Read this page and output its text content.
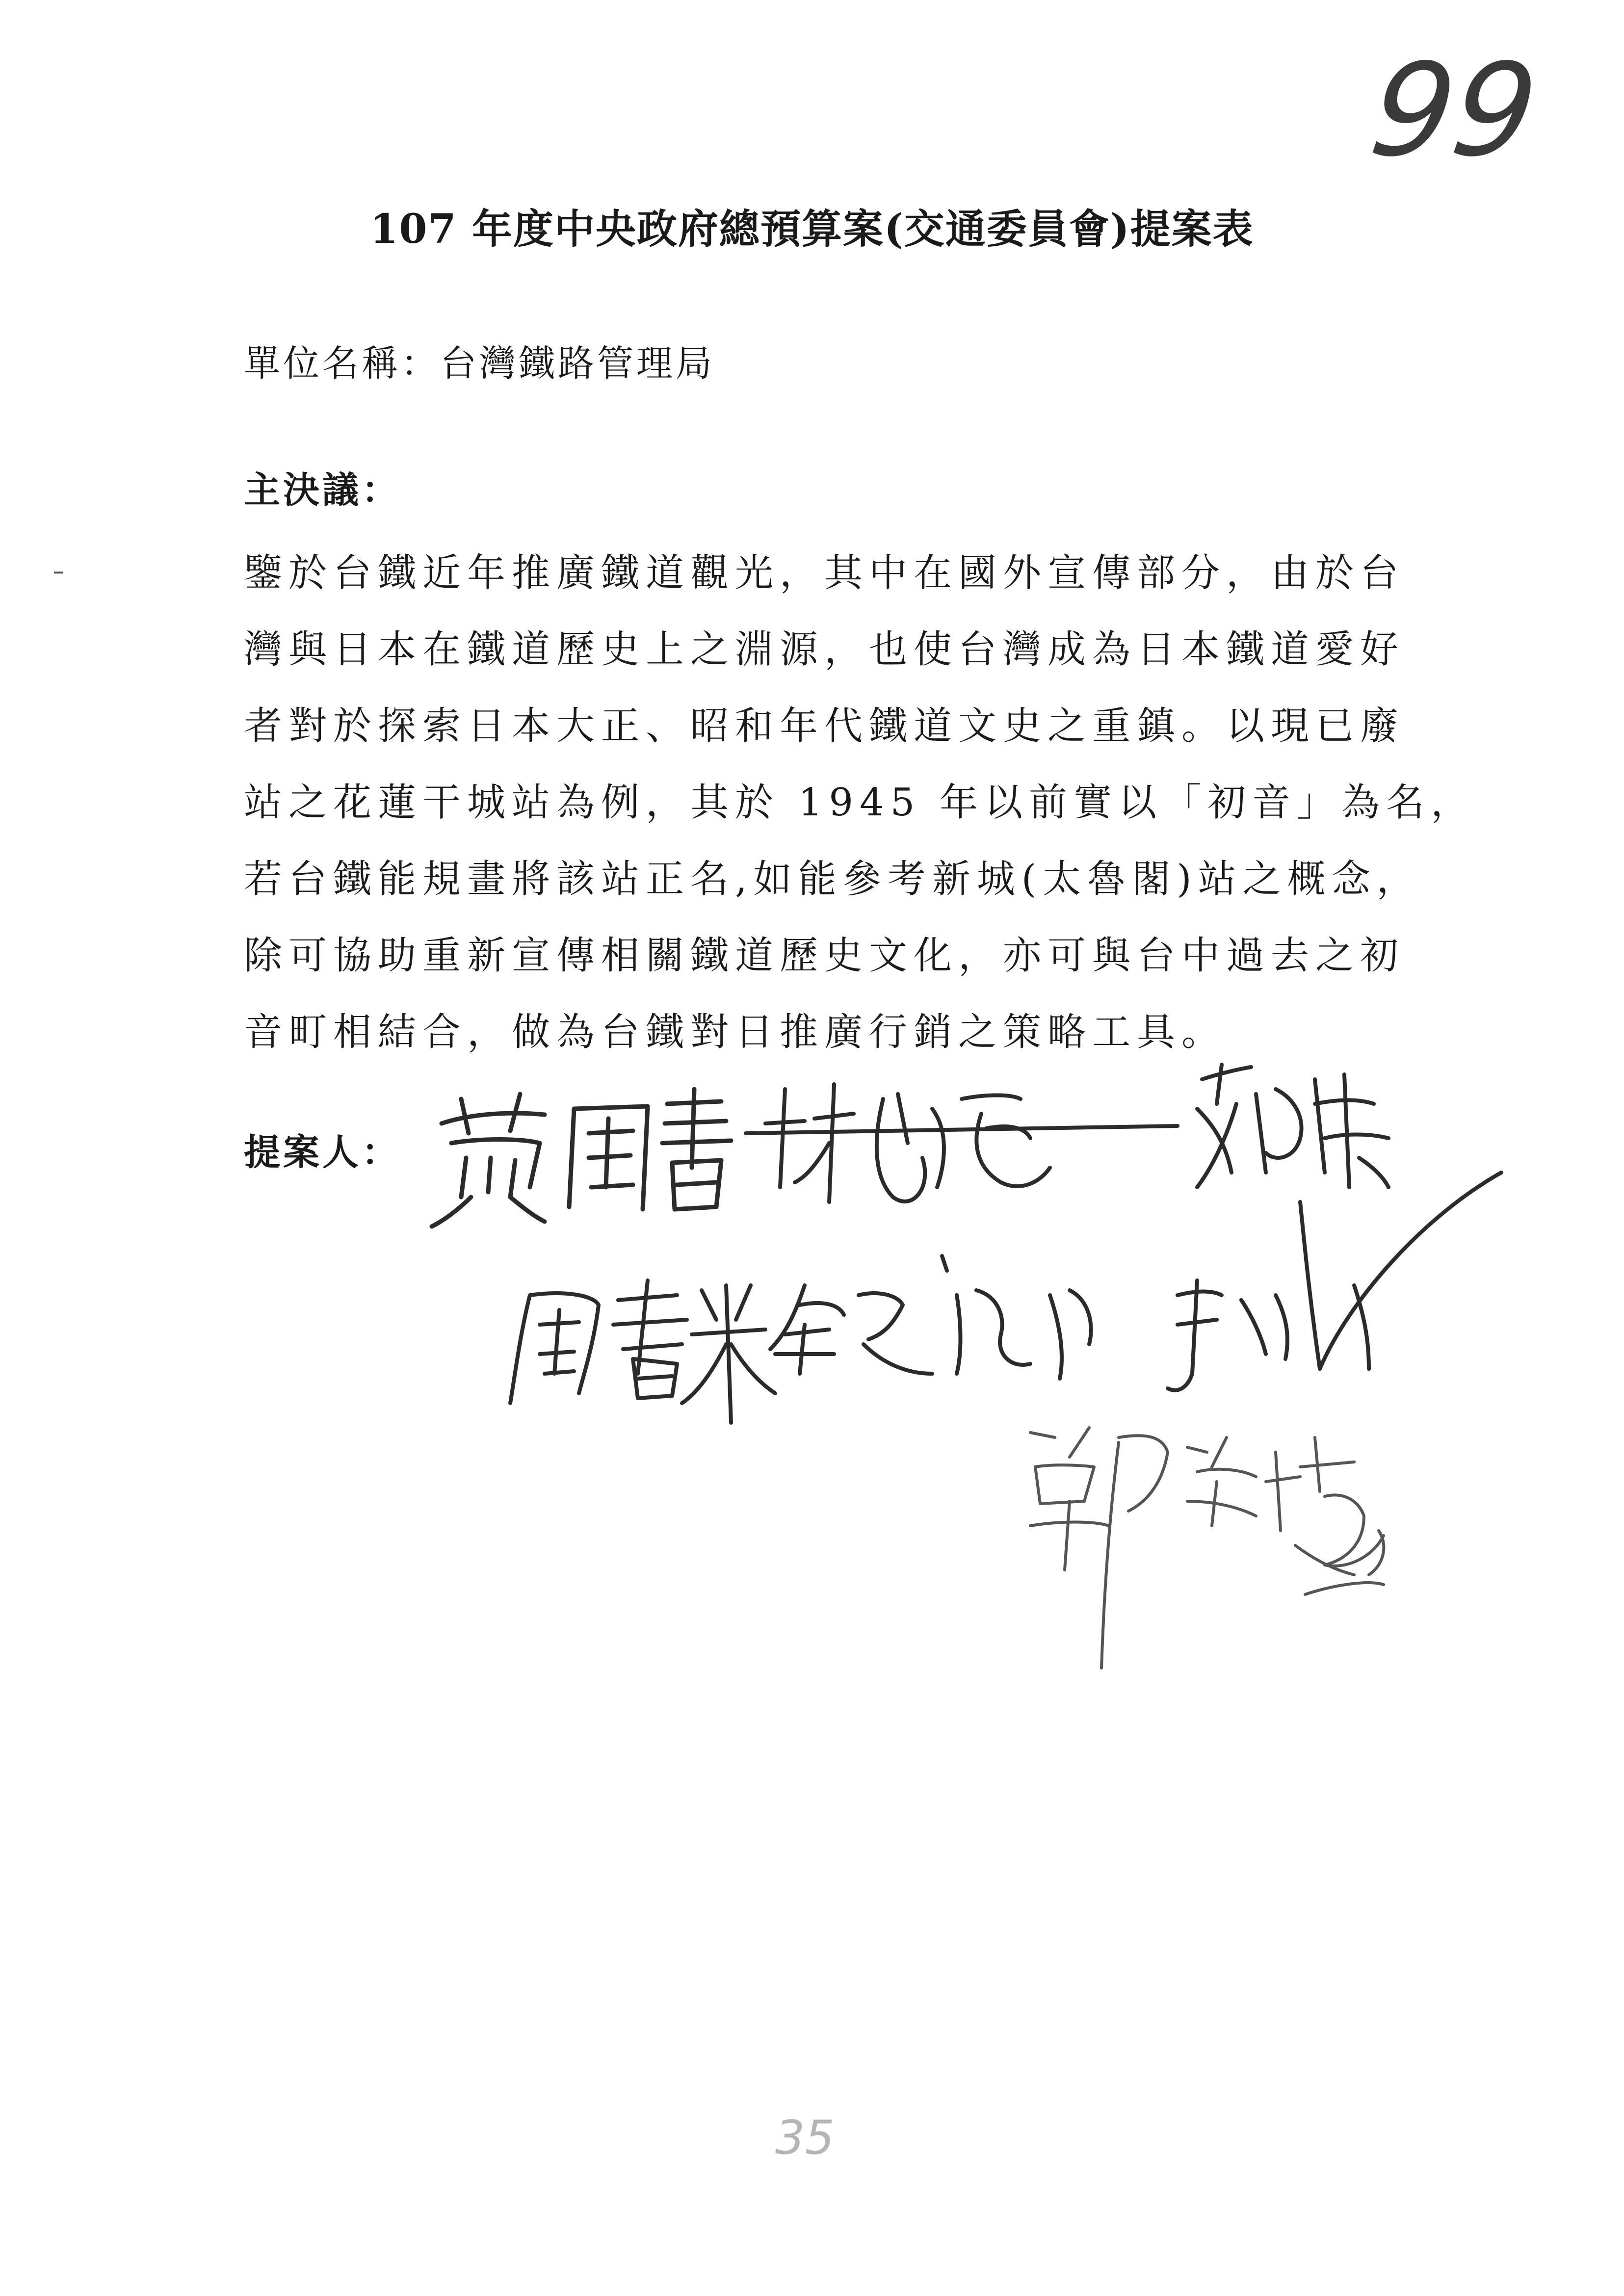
99
107 年度中央政府總預算案(交通委員會)提案表
單位名稱：台灣鐵路管理局
主決議：
鑒於台鐵近年推廣鐵道觀光，其中在國外宣傳部分，由於台
灣與日本在鐵道歷史上之淵源，也使台灣成為日本鐵道愛好
者對於探索日本大正、昭和年代鐵道文史之重鎮。以現已廢
站之花蓮干城站為例，其於 1945 年以前實以「初音」為名，
若台鐵能規畫將該站正名,如能參考新城(太魯閣)站之概念，
除可協助重新宣傳相關鐵道歷史文化，亦可與台中過去之初
音町相結合，做為台鐵對日推廣行銷之策略工具。
提案人：
35
